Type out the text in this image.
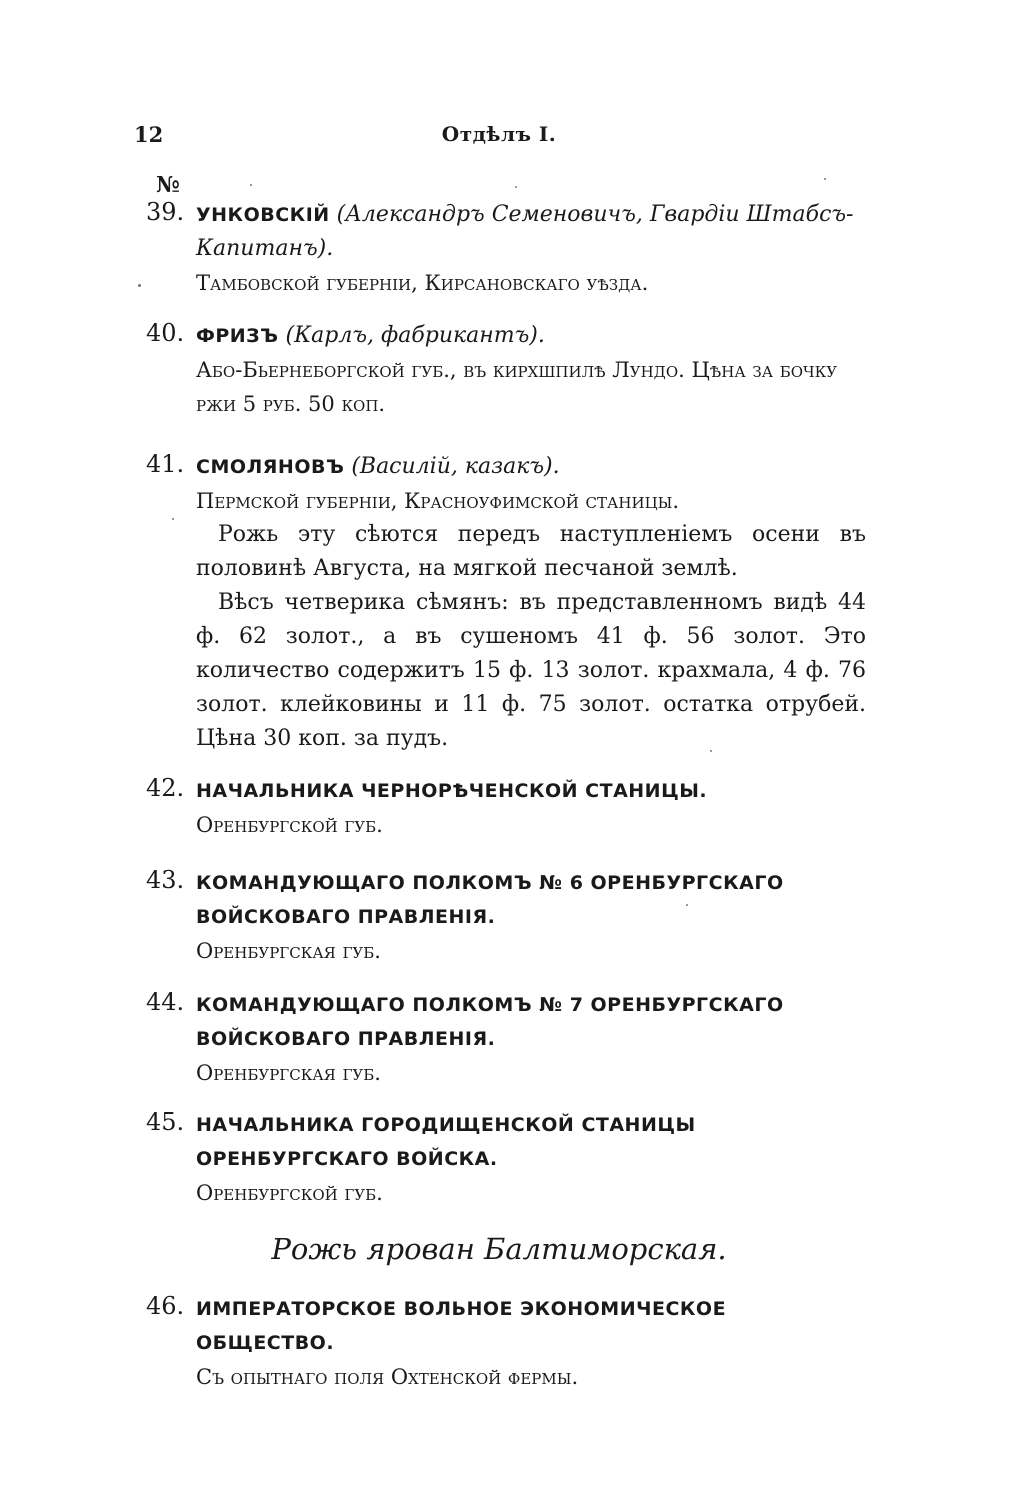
12	Отдѣлъ I.
№
39. УНКОВСКІЙ (Александръ Семеновичъ, Гвардіи Штабсъ-Капитанъ).
Тамбовской губерніи, Кирсановскаго уѣзда.
40. ФРИЗЪ (Карлъ, фабрикантъ).
Або-Бьернеборгской губ., въ кирхшпилѣ Лундо. Цѣна за бочку ржи 5 руб. 50 коп.
41. СМОЛЯНОВЪ (Василій, казакъ).
Пермской губерніи, Красноуфимской станицы.

Рожь эту сѣются передъ наступленіемъ осени въ половинѣ Августа, на мягкой песчаной землѣ.

Вѣсъ четверика сѣмянъ: въ представленномъ видѣ 44 ф. 62 золот., а въ сушеномъ 41 ф. 56 золот. Это количество содержитъ 15 ф. 13 золот. крахмала, 4 ф. 76 золот. клейковины и 11 ф. 75 золот. остатка отрубей. Цѣна 30 коп. за пудъ.

42. НАЧАЛЬНИКА ЧЕРНОРѢЧЕНСКОЙ СТАНИЦЫ.
Оренбургской губ.
43. КОМАНДУЮЩАГО ПОЛКОМЪ № 6 ОРЕНБУРГСКАГО ВОЙСКОВАГО ПРАВЛЕНІЯ.
Оренбургская губ.
44. КОМАНДУЮЩАГО ПОЛКОМЪ № 7 ОРЕНБУРГСКАГО ВОЙСКОВАГО ПРАВЛЕНІЯ.
Оренбургская губ.
45. НАЧАЛЬНИКА ГОРОДИЩЕНСКОЙ СТАНИЦЫ ОРЕНБУРГСКАГО ВОЙСКА.
Оренбургской губ.
Рожь ярован Балтиморская.
46. ИМПЕРАТОРСКОЕ ВОЛЬНОЕ ЭКОНОМИЧЕСКОЕ ОБЩЕСТВО.
Съ опытнаго поля Охтенской фермы.
